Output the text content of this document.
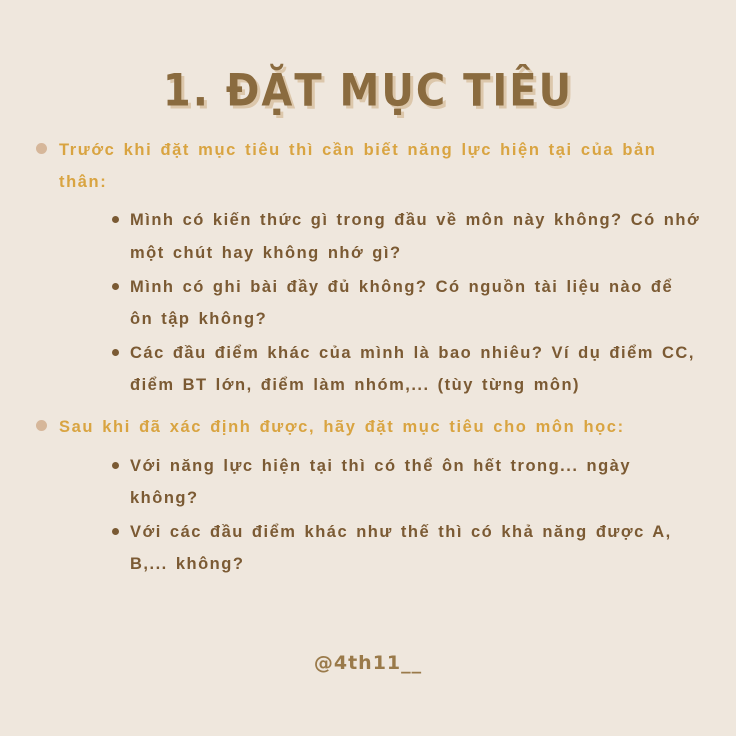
1. ĐẶT MỤC TIÊU
Trước khi đặt mục tiêu thì cần biết năng lực hiện tại của bản thân:
Mình có kiến thức gì trong đầu về môn này không? Có nhớ một chút hay không nhớ gì?
Mình có ghi bài đầy đủ không? Có nguồn tài liệu nào để ôn tập không?
Các đầu điểm khác của mình là bao nhiêu? Ví dụ điểm CC, điểm BT lớn, điểm làm nhóm,... (tùy từng môn)
Sau khi đã xác định được, hãy đặt mục tiêu cho môn học:
Với năng lực hiện tại thì có thể ôn hết trong... ngày không?
Với các đầu điểm khác như thế thì có khả năng được A, B,... không?
@4th11__
